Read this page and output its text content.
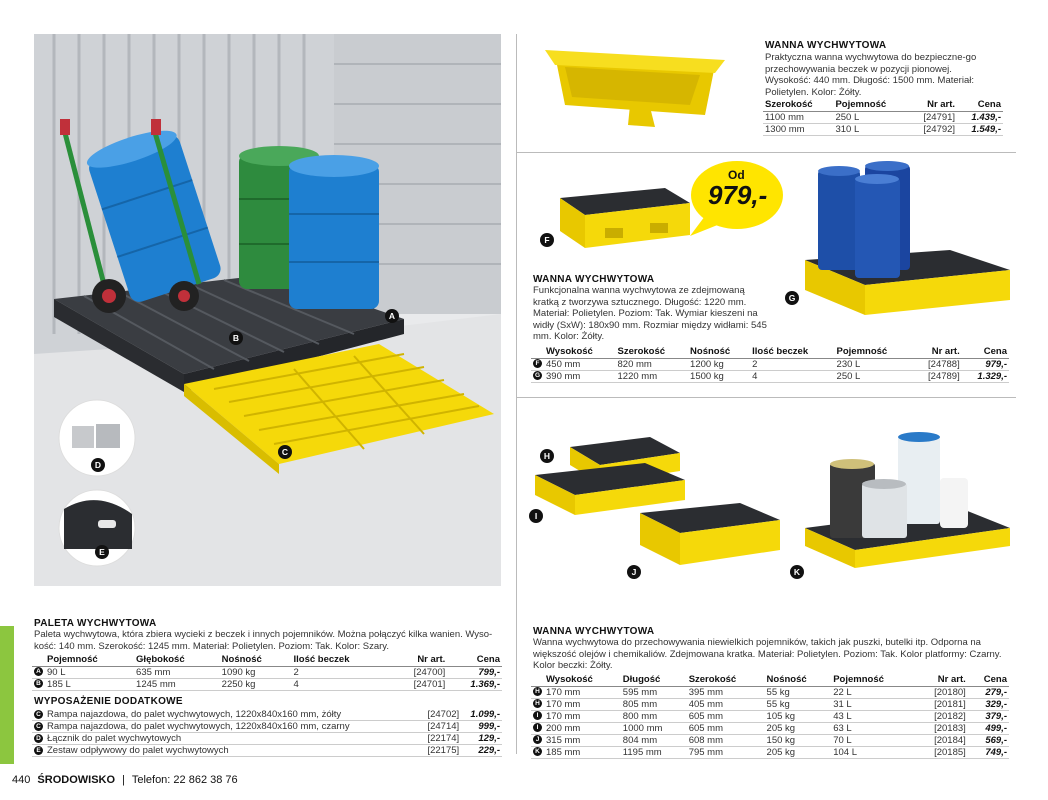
A
B
C
D
E
WANNA WYCHWYTOWA
Praktyczna wanna wychwytowa do bezpieczne-go przechowywania beczek w pozycji pionowej. Wysokość: 440 mm. Długość: 1500 mm. Materiał: Polietylen. Kolor: Żółty.
Szerokość	Pojemność	Nr art.	Cena
1100 mm	250 L	[24791]	1.439,-
1300 mm	310 L	[24792]	1.549,-
F
Od
979,-
G
WANNA WYCHWYTOWA
Funkcjonalna wanna wychwytowa ze zdejmowaną kratką z tworzywa sztucznego. Długość: 1220 mm. Materiał: Polietylen. Poziom: Tak. Wymiar kieszeni na widły (SxW): 180x90 mm. Rozmiar między widłami: 545 mm. Kolor: Żółty.
	Wysokość	Szerokość	Nośność	Ilość beczek	Pojemność	Nr art.	Cena
F	450 mm	820 mm	1200 kg	2	230 L	[24788]	979,-
G	390 mm	1220 mm	1500 kg	4	250 L	[24789]	1.329,-
H
I
J	K
WANNA WYCHWYTOWA
Wanna wychwytowa do przechowywania niewielkich pojemników, takich jak puszki, butelki itp. Odporna na większość olejów i chemikaliów. Zdejmowana kratka. Materiał: Polietylen. Poziom: Tak. Kolor platformy: Czarny. Kolor beczki: Żółty.
	Wysokość	Długość	Szerokość	Nośność	Pojemność	Nr art.	Cena
H	170 mm	595 mm	395 mm	55 kg	22 L	[20180]	279,-
H	170 mm	805 mm	405 mm	55 kg	31 L	[20181]	329,-
I	170 mm	800 mm	605 mm	105 kg	43 L	[20182]	379,-
I	200 mm	1000 mm	605 mm	205 kg	63 L	[20183]	499,-
J	315 mm	804 mm	608 mm	150 kg	70 L	[20184]	569,-
K	185 mm	1195 mm	795 mm	205 kg	104 L	[20185]	749,-
PALETA WYCHWYTOWA
Paleta wychwytowa, która zbiera wycieki z beczek i innych pojemników. Można połączyć kilka wanien. Wyso-kość: 140 mm. Szerokość: 1245 mm. Materiał: Polietylen. Poziom: Tak. Kolor: Szary.
	Pojemność	Głębokość	Nośność	Ilość beczek	Nr art.	Cena
A	90 L	635 mm	1090 kg	2	[24700]	799,-
B	185 L	1245 mm	2250 kg	4	[24701]	1.369,-
WYPOSAŻENIE DODATKOWE
C	Rampa najazdowa, do palet wychwytowych, 1220x840x160 mm, żółty	[24702]	1.099,-
C	Rampa najazdowa, do palet wychwytowych, 1220x840x160 mm, czarny	[24714]	999,-
D	Łącznik do palet wychwytowych	[22174]	129,-
E	Zestaw odpływowy do palet wychwytowych	[22175]	229,-
440 ŚRODOWISKO | Telefon: 22 862 38 76
